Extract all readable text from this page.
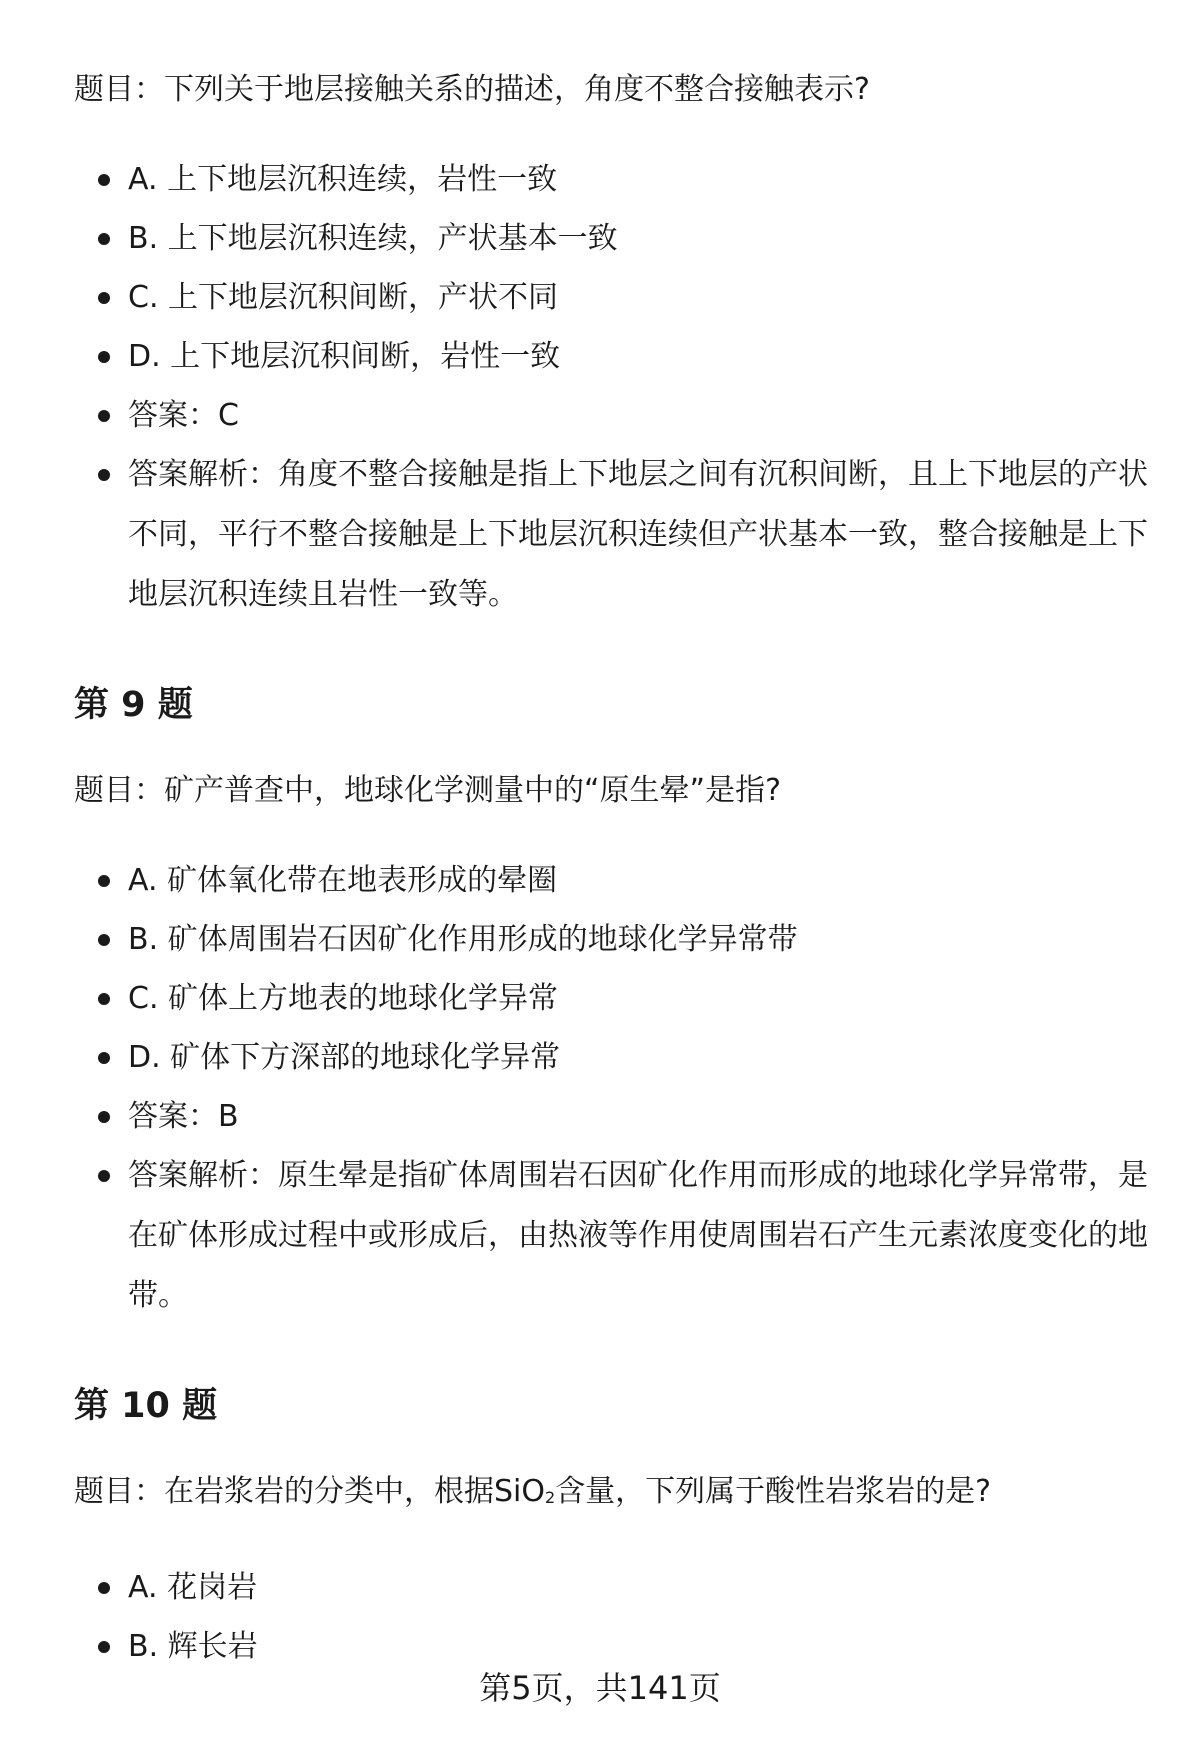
题目：下列关于地层接触关系的描述，角度不整合接触表示?

A. 上下地层沉积连续，岩性一致
B. 上下地层沉积连续，产状基本一致
C. 上下地层沉积间断，产状不同
D. 上下地层沉积间断，岩性一致
答案：C
答案解析：角度不整合接触是指上下地层之间有沉积间断，且上下地层的产状不同，平行不整合接触是上下地层沉积连续但产状基本一致，整合接触是上下地层沉积连续且岩性一致等。
第 9 题

题目：矿产普查中，地球化学测量中的“原生晕”是指?

A. 矿体氧化带在地表形成的晕圈
B. 矿体周围岩石因矿化作用形成的地球化学异常带
C. 矿体上方地表的地球化学异常
D. 矿体下方深部的地球化学异常
答案：B
答案解析：原生晕是指矿体周围岩石因矿化作用而形成的地球化学异常带，是在矿体形成过程中或形成后，由热液等作用使周围岩石产生元素浓度变化的地带。
第 10 题

题目：在岩浆岩的分类中，根据SiO2含量，下列属于酸性岩浆岩的是?

A. 花岗岩
B. 辉长岩
第5页，共141页
